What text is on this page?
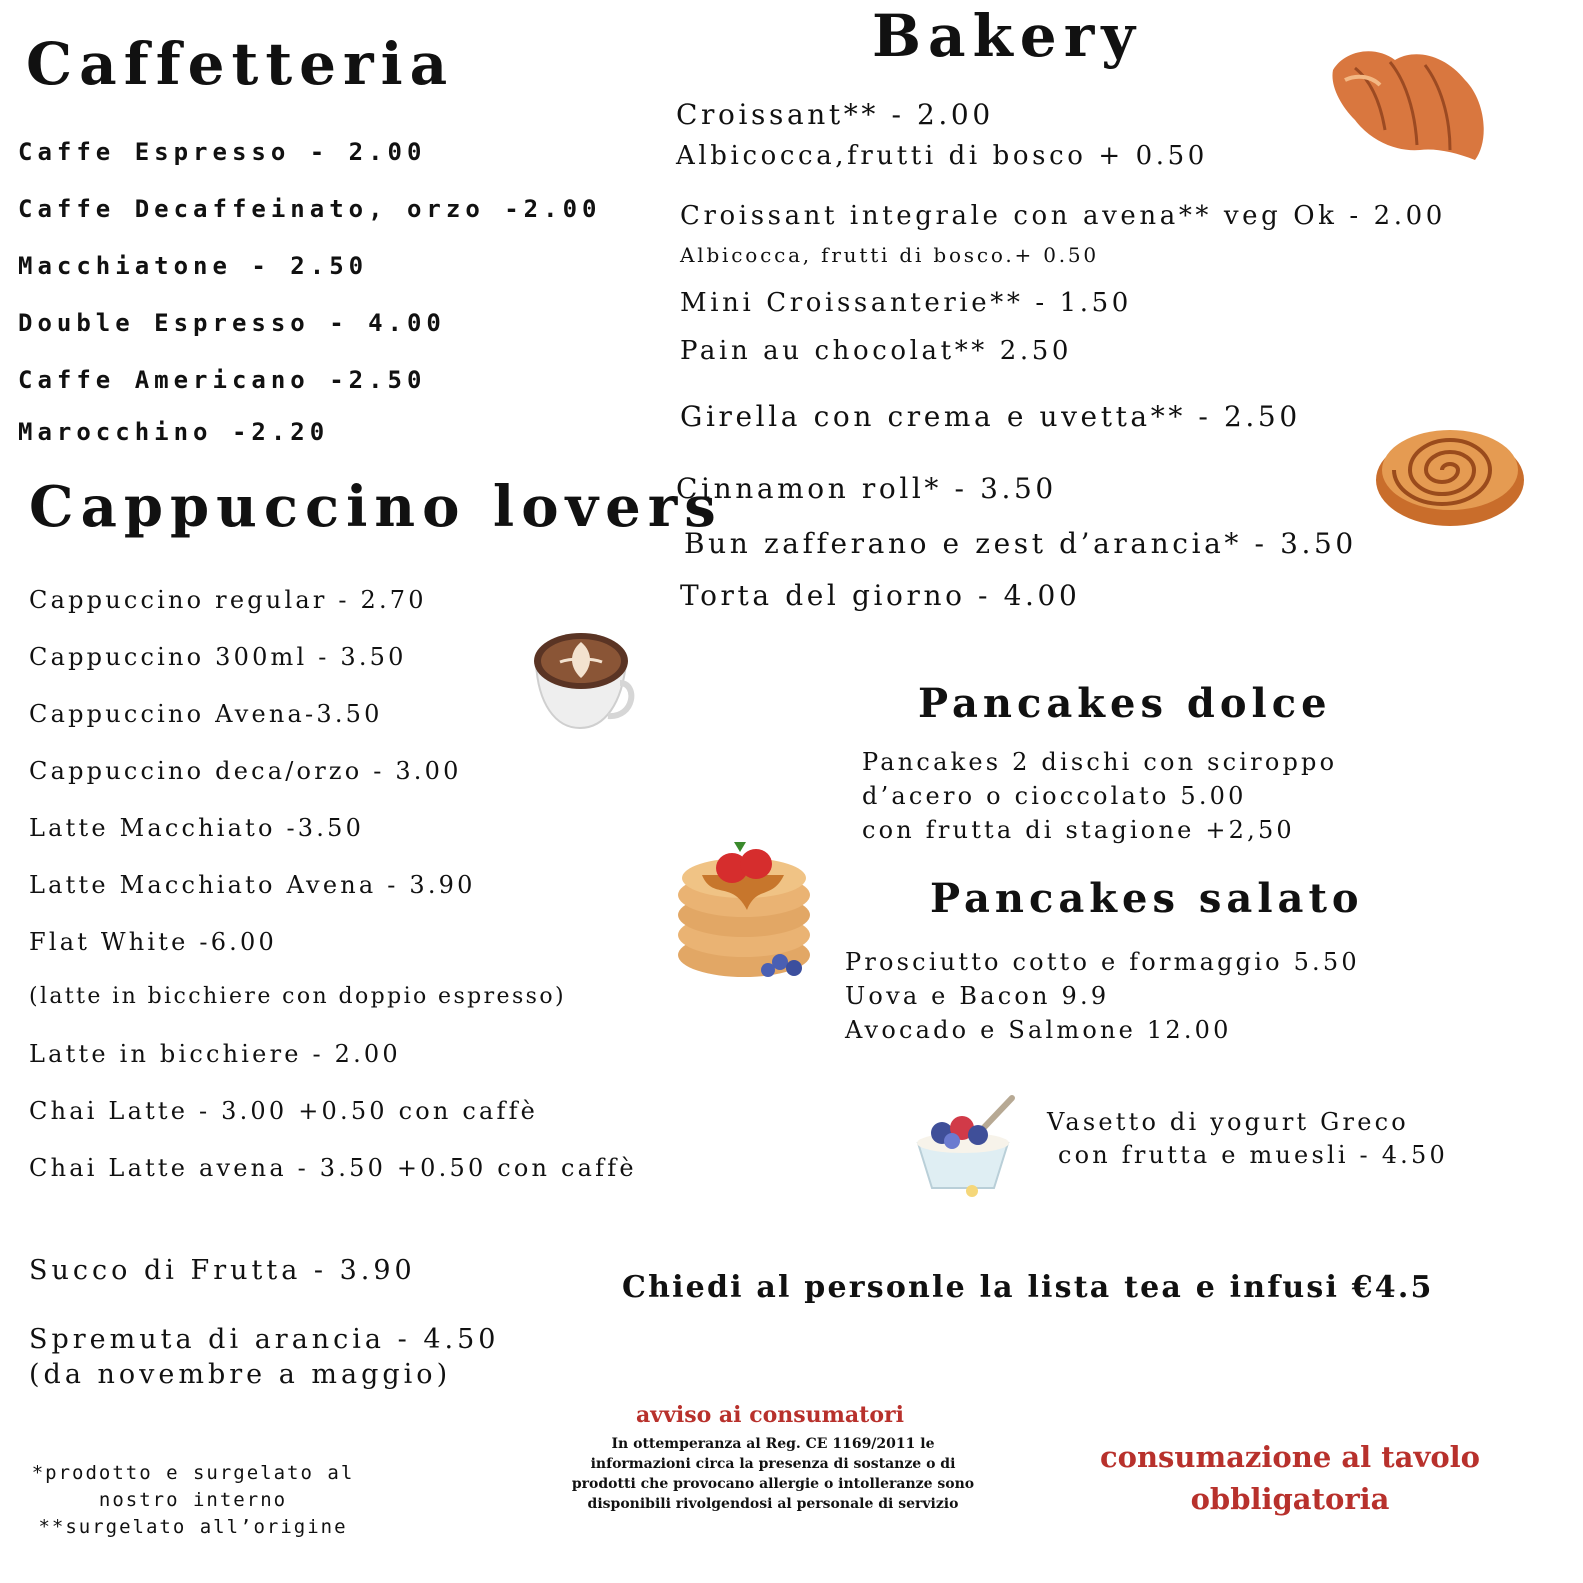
Caffetteria
Caffe Espresso - 2.00
Caffe Decaffeinato, orzo -2.00
Macchiatone - 2.50
Double Espresso - 4.00
Caffe Americano -2.50
Marocchino -2.20
Cappuccino lovers
Cappuccino regular - 2.70
Cappuccino 300ml - 3.50
Cappuccino Avena-3.50
Cappuccino deca/orzo - 3.00
Latte Macchiato -3.50
Latte Macchiato Avena - 3.90
Flat White -6.00
(latte in bicchiere con doppio espresso)
Latte in bicchiere - 2.00
Chai Latte - 3.00 +0.50 con caffè
Chai Latte avena - 3.50 +0.50 con caffè
Succo di Frutta - 3.90
Spremuta di arancia - 4.50
(da novembre a maggio)
Bakery
Croissant** - 2.00
Albicocca,frutti di bosco + 0.50
Croissant integrale con avena** veg Ok - 2.00
Albicocca, frutti di bosco.+ 0.50
Mini Croissanterie** - 1.50
Pain au chocolat** 2.50
Girella con crema e uvetta** - 2.50
Cinnamon roll* - 3.50
Bun zafferano e zest d’arancia* - 3.50
Torta del giorno - 4.00
Pancakes dolce
Pancakes 2 dischi con sciroppo
d’acero o cioccolato 5.00
con frutta di stagione +2,50
Pancakes salato
Prosciutto cotto e formaggio 5.50
Uova e Bacon 9.9
Avocado e Salmone 12.00
Vasetto di yogurt Greco
con frutta e muesli - 4.50
Chiedi al personle la lista tea e infusi €4.5
*prodotto e surgelato al
nostro interno
**surgelato all’origine
avviso ai consumatori
In ottemperanza al Reg. CE 1169/2011 le informazioni circa la presenza di sostanze o di prodotti che provocano allergie o intolleranze sono disponibili rivolgendosi al personale di servizio
consumazione al tavolo
obbligatoria
